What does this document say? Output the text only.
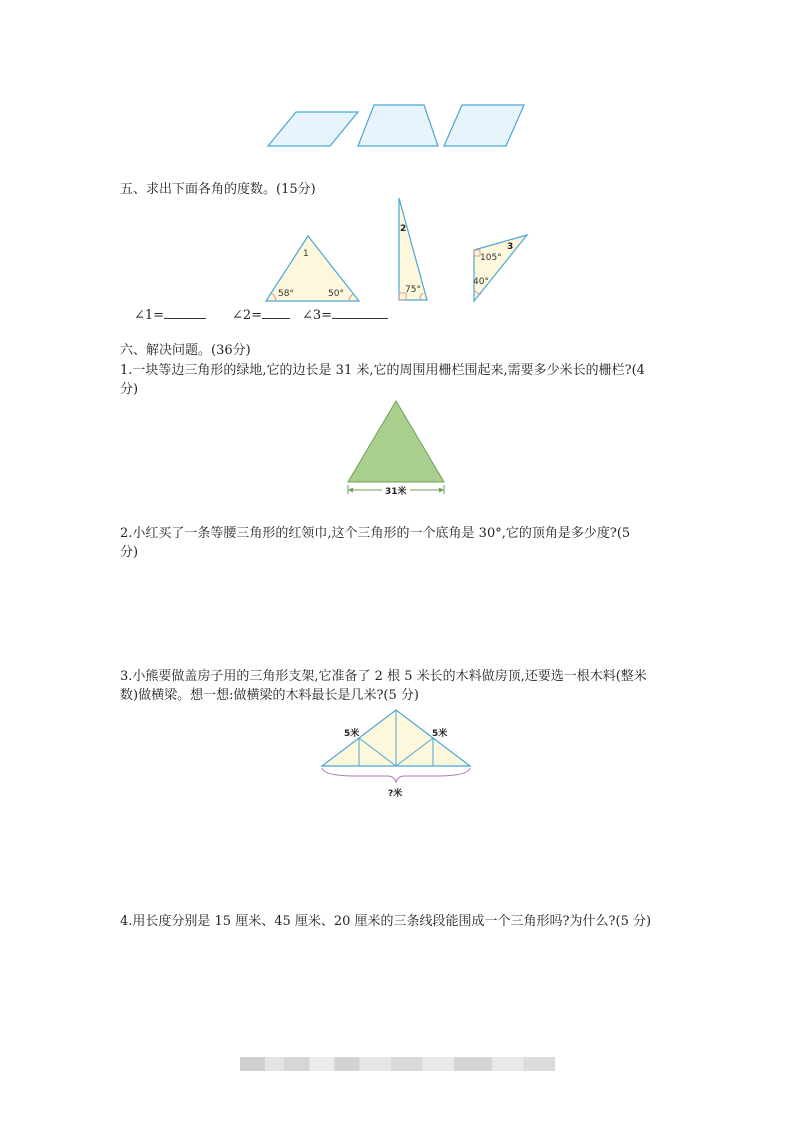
五、求出下面各角的度数。(15分)
1
58°	50°
2
75°
3
105°
40°
∠1=	∠2=	∠3=
六、解决问题。(36分)
1.一块等边三角形的绿地,它的边长是 31 米,它的周围用栅栏围起来,需要多少米长的栅栏?(4
分)
31米
2.小红买了一条等腰三角形的红领巾,这个三角形的一个底角是 30°,它的顶角是多少度?(5
分)
3.小熊要做盖房子用的三角形支架,它准备了 2 根 5 米长的木料做房顶,还要选一根木料(整米
数)做横梁。想一想:做横梁的木料最长是几米?(5 分)
5米	5米
?米
4.用长度分别是 15 厘米、45 厘米、20 厘米的三条线段能围成一个三角形吗?为什么?(5 分)
